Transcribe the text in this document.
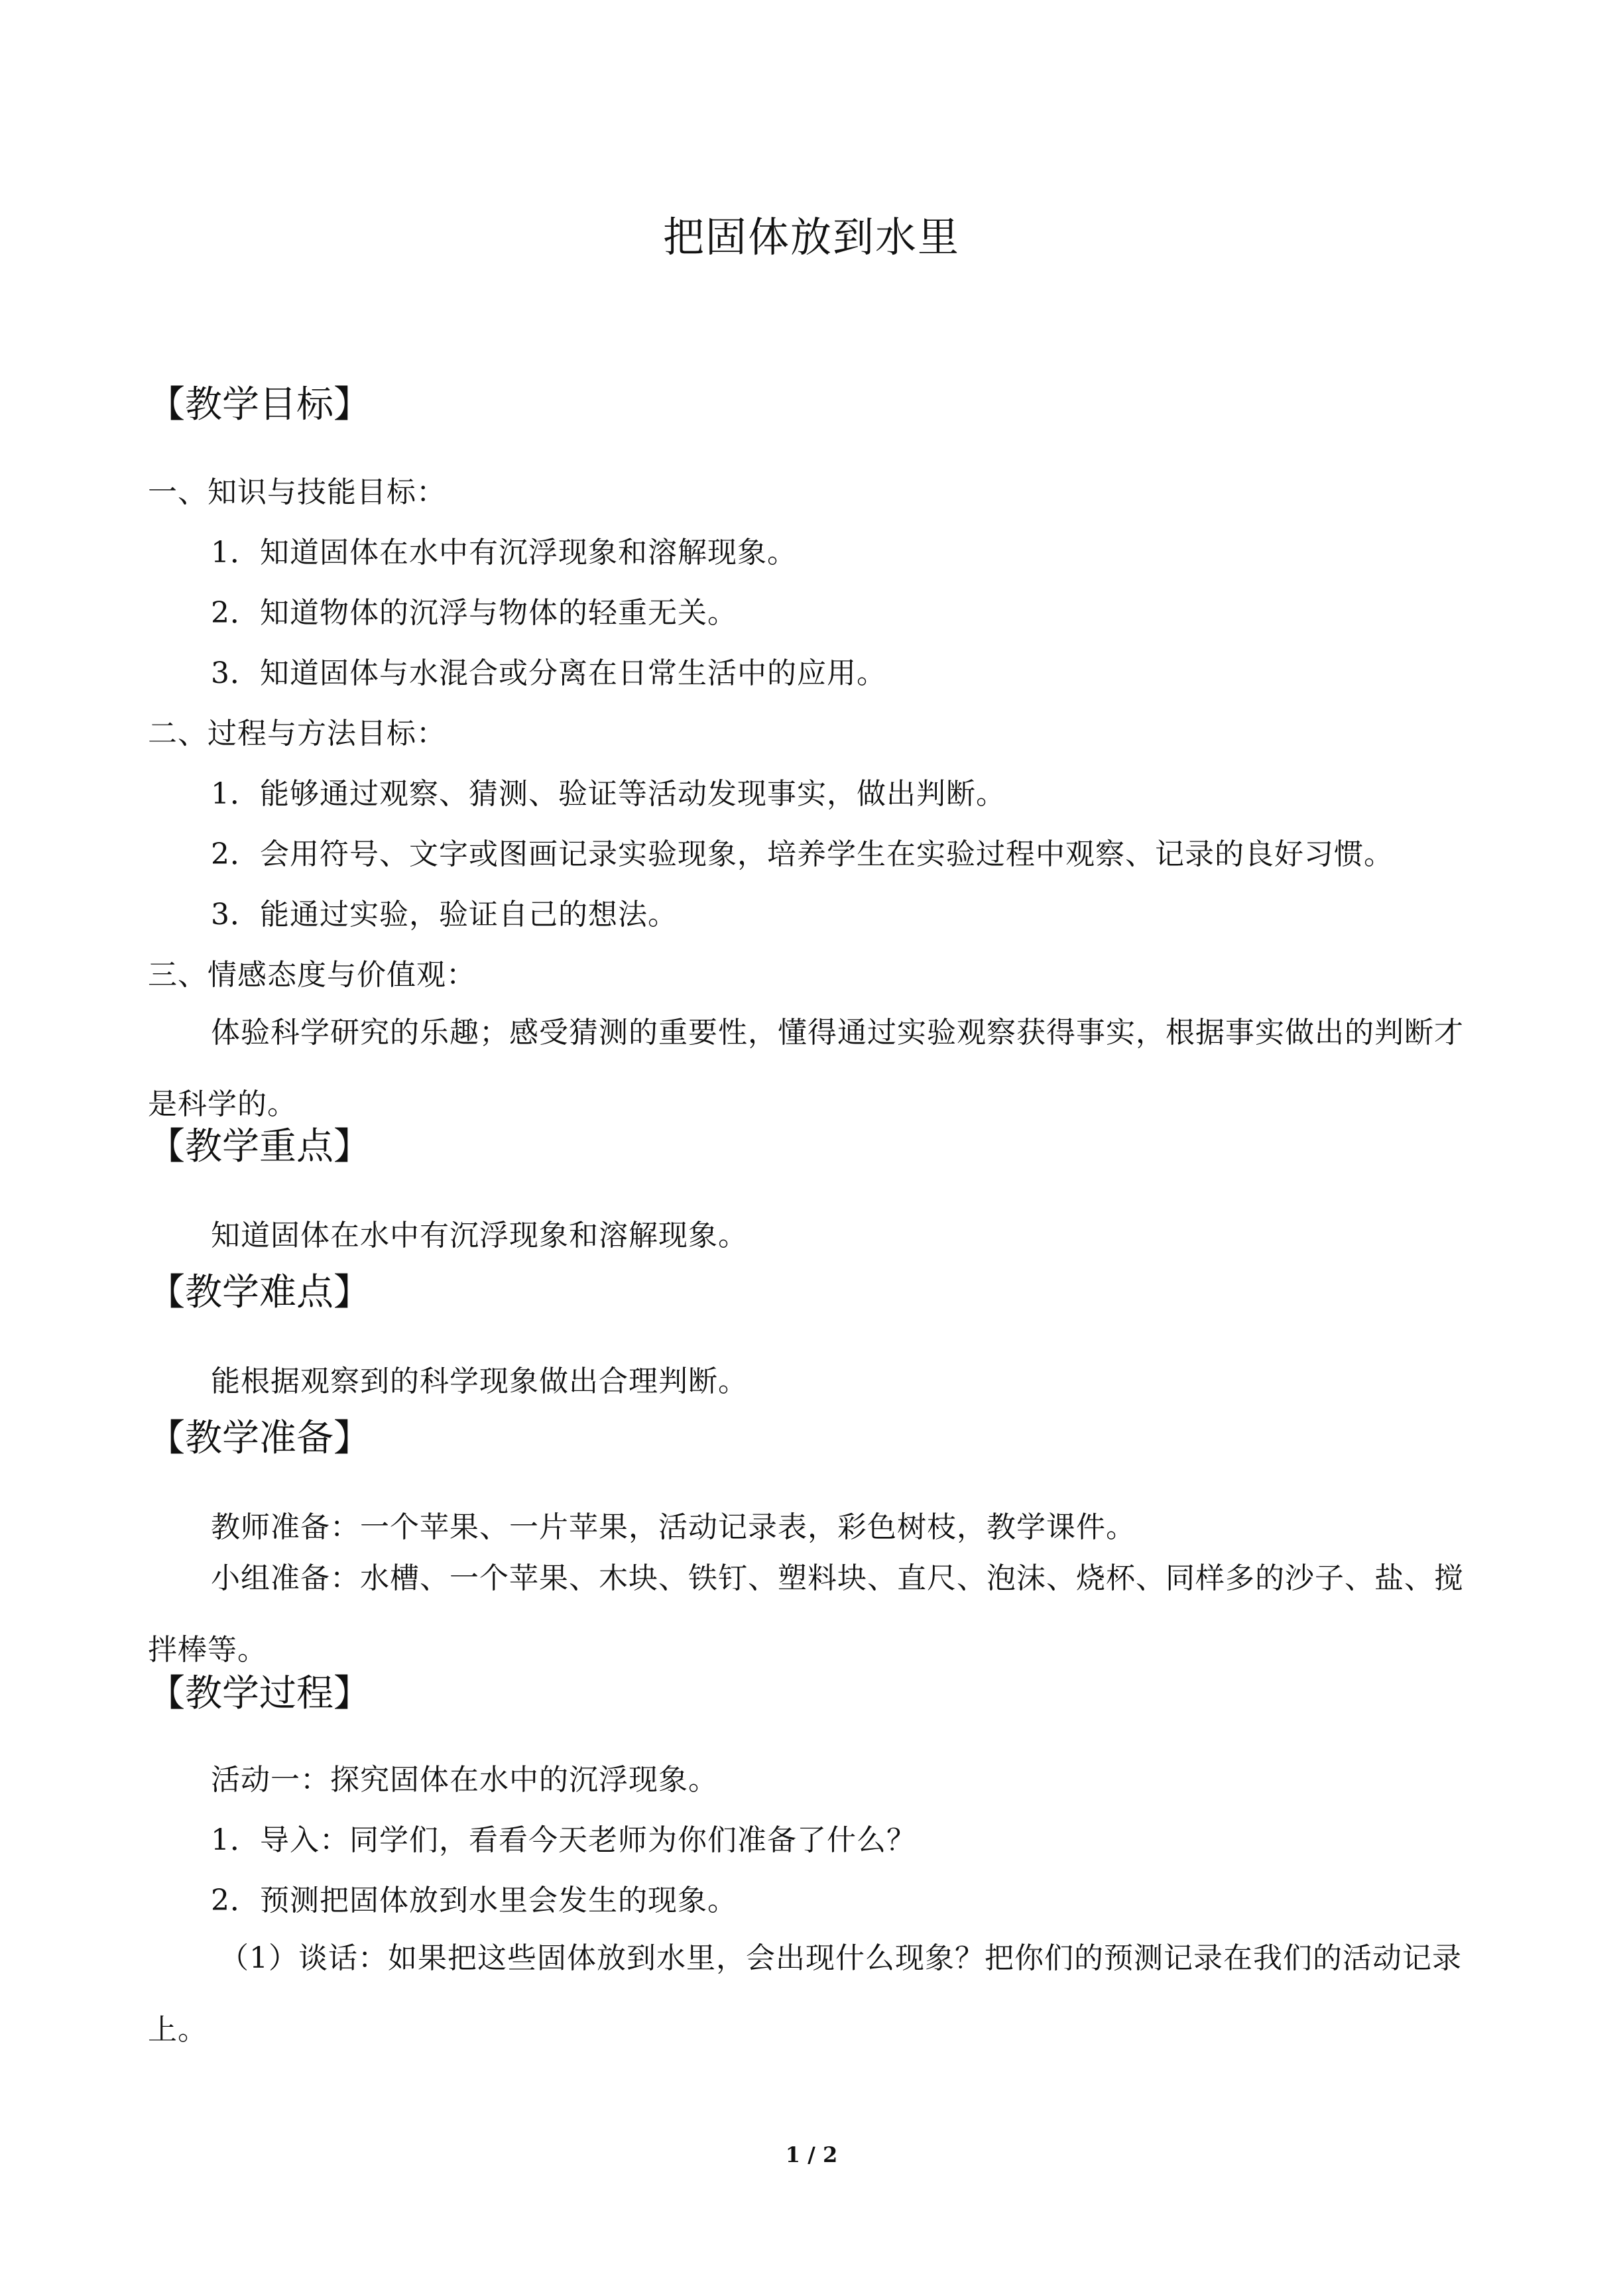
把固体放到水里
【教学目标】
一、知识与技能目标：
1．知道固体在水中有沉浮现象和溶解现象。
2．知道物体的沉浮与物体的轻重无关。
3．知道固体与水混合或分离在日常生活中的应用。
二、过程与方法目标：
1．能够通过观察、猜测、验证等活动发现事实，做出判断。
2．会用符号、文字或图画记录实验现象，培养学生在实验过程中观察、记录的良好习惯。
3．能通过实验，验证自己的想法。
三、情感态度与价值观：
体验科学研究的乐趣；感受猜测的重要性，懂得通过实验观察获得事实，根据事实做出的判断才是科学的。
【教学重点】
知道固体在水中有沉浮现象和溶解现象。
【教学难点】
能根据观察到的科学现象做出合理判断。
【教学准备】
教师准备：一个苹果、一片苹果，活动记录表，彩色树枝，教学课件。
小组准备：水槽、一个苹果、木块、铁钉、塑料块、直尺、泡沫、烧杯、同样多的沙子、盐、搅拌棒等。
【教学过程】
活动一：探究固体在水中的沉浮现象。
1．导入：同学们，看看今天老师为你们准备了什么？
2．预测把固体放到水里会发生的现象。
（1）谈话：如果把这些固体放到水里，会出现什么现象？把你们的预测记录在我们的活动记录上。
1 / 2
